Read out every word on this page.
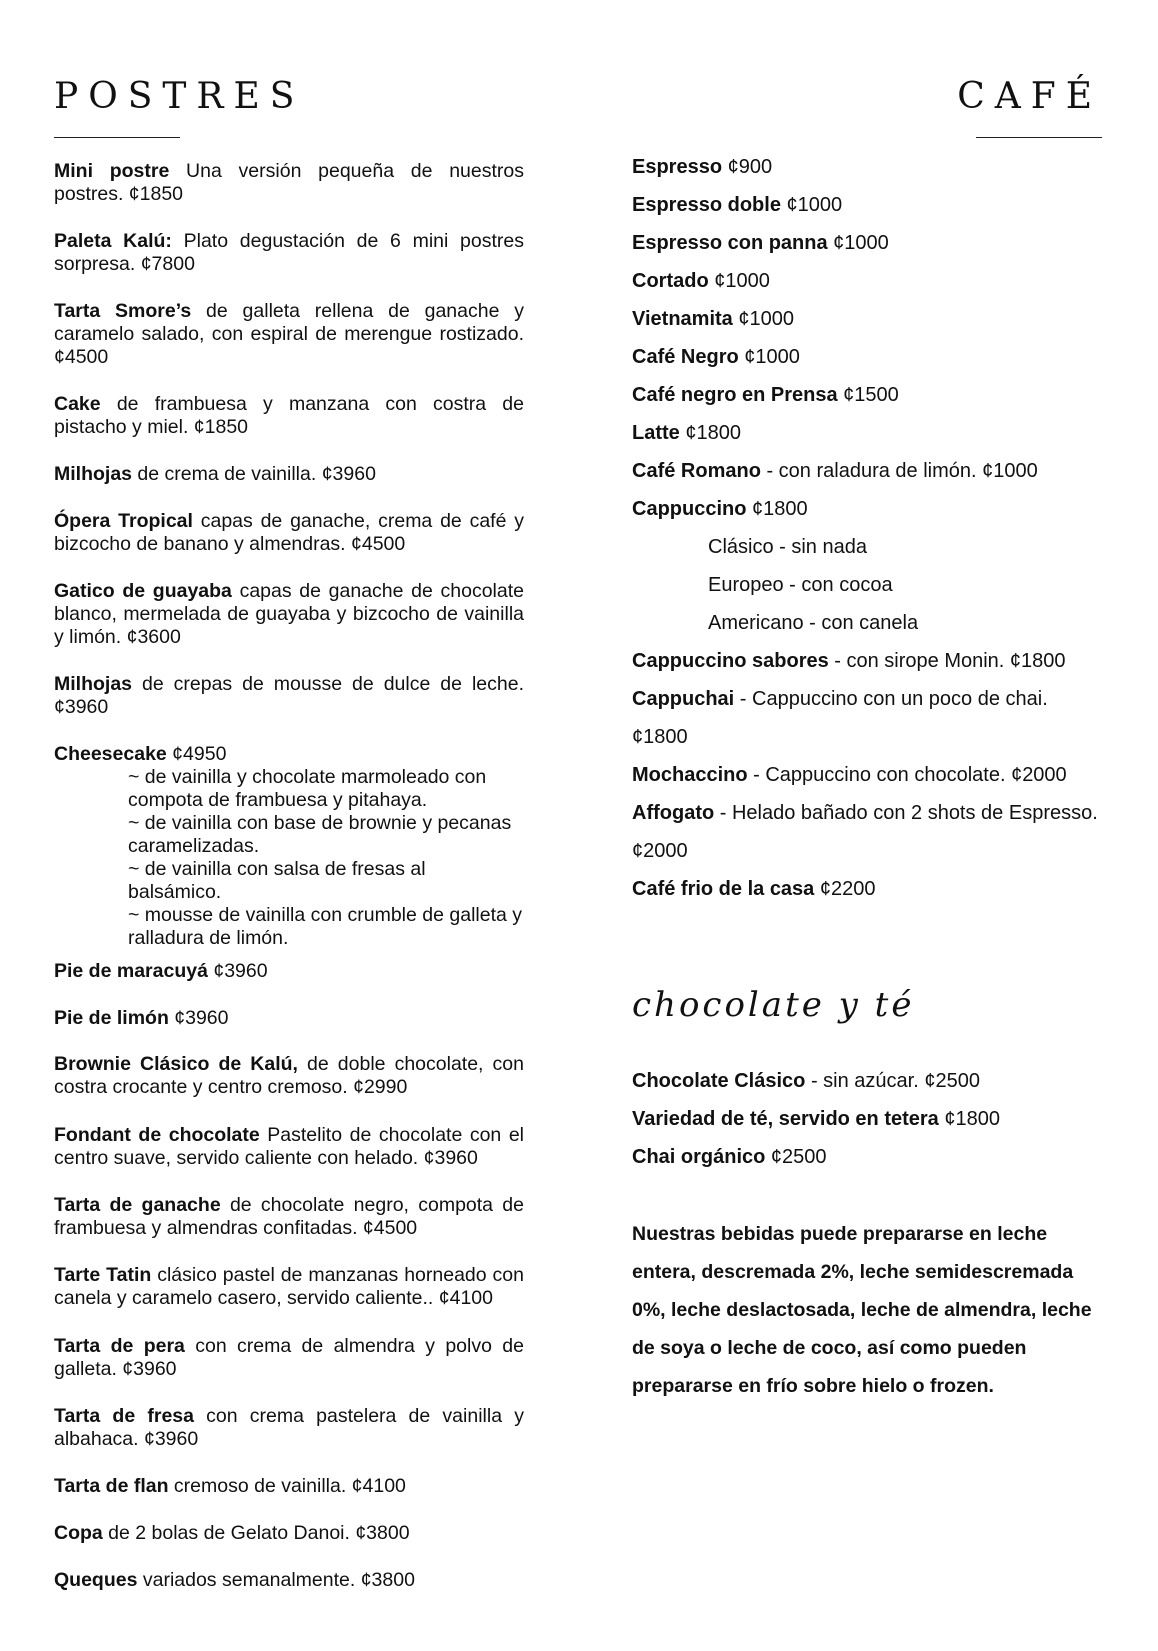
POSTRES	CAFÉ
Mini postre Una versión pequeña de nuestros postres. ¢1850
Paleta Kalú: Plato degustación de 6 mini postres sorpresa. ¢7800
Tarta Smore’s de galleta rellena de ganache y caramelo salado, con espiral de merengue rostizado. ¢4500
Cake de frambuesa y manzana con costra de pistacho y miel. ¢1850
Milhojas de crema de vainilla. ¢3960
Ópera Tropical capas de ganache, crema de café y bizcocho de banano y almendras. ¢4500
Gatico de guayaba capas de ganache de chocolate blanco, mermelada de guayaba y bizcocho de vainilla y limón. ¢3600
Milhojas de crepas de mousse de dulce de leche. ¢3960
Cheesecake ¢4950
~ de vainilla y chocolate marmoleado con compota de frambuesa y pitahaya.
~ de vainilla con base de brownie y pecanas caramelizadas.
~ de vainilla con salsa de fresas al balsámico.
~ mousse de vainilla con crumble de galleta y ralladura de limón.
Pie de maracuyá ¢3960
Pie de limón ¢3960
Brownie Clásico de Kalú, de doble chocolate, con costra crocante y centro cremoso. ¢2990
Fondant de chocolate Pastelito de chocolate con el centro suave, servido caliente con helado. ¢3960
Tarta de ganache de chocolate negro, compota de frambuesa y almendras confitadas. ¢4500
Tarte Tatin clásico pastel de manzanas horneado con canela y caramelo casero, servido caliente.. ¢4100
Tarta de pera con crema de almendra y polvo de galleta. ¢3960
Tarta de fresa con crema pastelera de vainilla y albahaca. ¢3960
Tarta de flan cremoso de vainilla. ¢4100
Copa de 2 bolas de Gelato Danoi. ¢3800
Queques variados semanalmente. ¢3800
Espresso ¢900
Espresso doble ¢1000
Espresso con panna ¢1000
Cortado ¢1000
Vietnamita ¢1000
Café Negro ¢1000
Café negro en Prensa ¢1500
Latte ¢1800
Café Romano - con raladura de limón. ¢1000
Cappuccino ¢1800
Clásico - sin nada
Europeo - con cocoa
Americano - con canela
Cappuccino sabores - con sirope Monin. ¢1800
Cappuchai - Cappuccino con un poco de chai.
¢1800
Mochaccino - Cappuccino con chocolate. ¢2000
Affogato - Helado bañado con 2 shots de Espresso.
¢2000
Café frio de la casa ¢2200
Chocolate Clásico - sin azúcar. ¢2500
Variedad de té, servido en tetera ¢1800
Chai orgánico ¢2500
Nuestras bebidas puede prepararse en leche entera, descremada 2%, leche semidescremada 0%, leche deslactosada, leche de almendra, leche de soya o leche de coco, así como pueden prepararse en frío sobre hielo o frozen.
chocolate y té
